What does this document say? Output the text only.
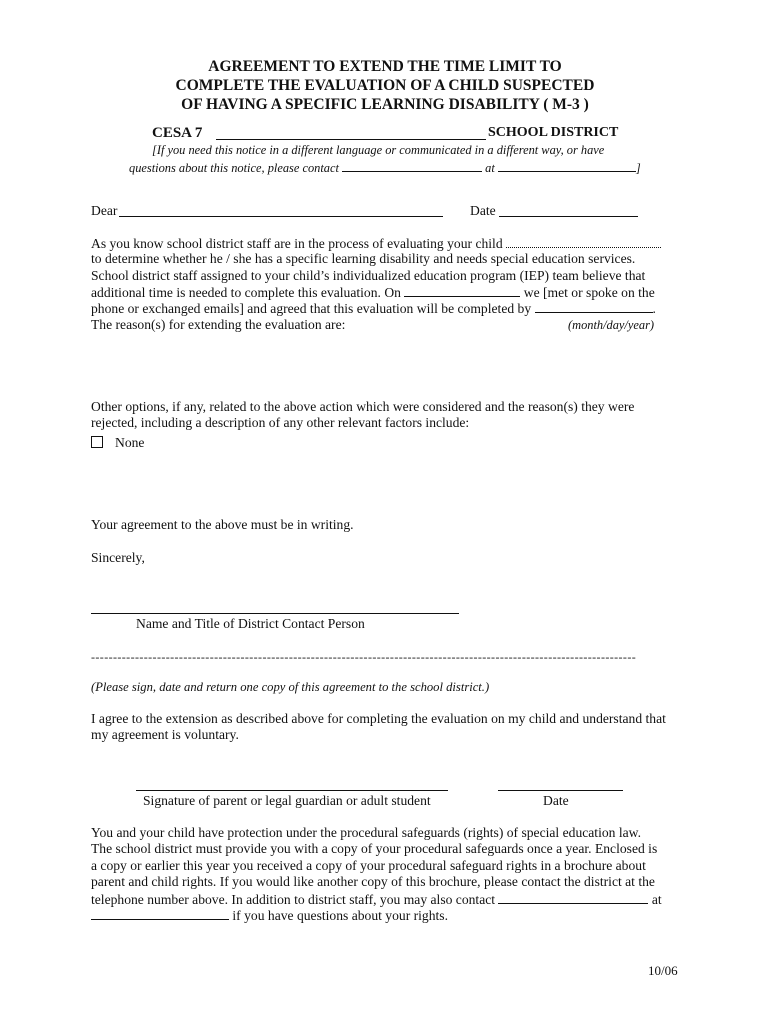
AGREEMENT TO EXTEND THE TIME LIMIT TO
COMPLETE THE EVALUATION OF A CHILD SUSPECTED
OF HAVING A SPECIFIC LEARNING DISABILITY ( M-3 )
CESA 7	SCHOOL DISTRICT
[If you need this notice in a different language or communicated in a different way, or have
questions about this notice, please contact	at	]
Dear	Date
As you know school district staff are in the process of evaluating your child
to determine whether he / she has a specific learning disability and needs special education services.
School district staff assigned to your child’s individualized education program (IEP) team believe that
additional time is needed to complete this evaluation. On	we [met or spoke on the
phone or exchanged emails] and agreed that this evaluation will be completed by	.
The reason(s) for extending the evaluation are:	(month/day/year)
Other options, if any, related to the above action which were considered and the reason(s) they were
rejected, including a description of any other relevant factors include:
None
Your agreement to the above must be in writing.
Sincerely,
Name and Title of District Contact Person
----------------------------------------------------------------------------------------------------------------------------
(Please sign, date and return one copy of this agreement to the school district.)
I agree to the extension as described above for completing the evaluation on my child and understand that
my agreement is voluntary.
Signature of parent or legal guardian or adult student	Date
You and your child have protection under the procedural safeguards (rights) of special education law.
The school district must provide you with a copy of your procedural safeguards once a year. Enclosed is
a copy or earlier this year you received a copy of your procedural safeguard rights in a brochure about
parent and child rights. If you would like another copy of this brochure, please contact the district at the
telephone number above. In addition to district staff, you may also contact	at
if you have questions about your rights.
10/06
